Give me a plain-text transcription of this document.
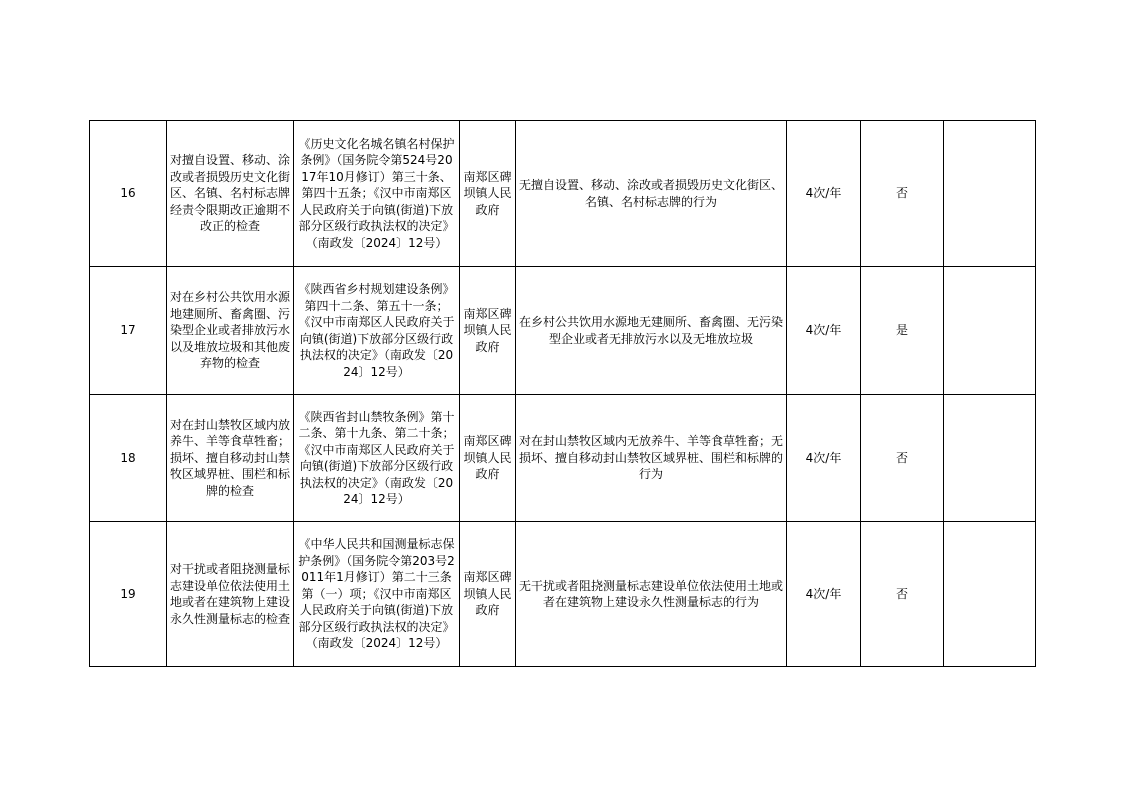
16	对擅自设置、移动、涂改或者损毁历史文化街区、名镇、名村标志牌经责令限期改正逾期不改正的检查	《历史文化名城名镇名村保护条例》（国务院令第524号2017年10月修订）第三十条、第四十五条；《汉中市南郑区人民政府关于向镇(街道)下放部分区级行政执法权的决定》（南政发〔2024〕12号）	南郑区碑坝镇人民政府	无擅自设置、移动、涂改或者损毁历史文化街区、名镇、名村标志牌的行为	4次/年	否	
17	对在乡村公共饮用水源地建厕所、畜禽圈、污染型企业或者排放污水以及堆放垃圾和其他废弃物的检查	《陕西省乡村规划建设条例》第四十二条、第五十一条；《汉中市南郑区人民政府关于向镇(街道)下放部分区级行政执法权的决定》（南政发〔2024〕12号）	南郑区碑坝镇人民政府	在乡村公共饮用水源地无建厕所、畜禽圈、无污染型企业或者无排放污水以及无堆放垃圾	4次/年	是	
18	对在封山禁牧区域内放养牛、羊等食草牲畜；损坏、擅自移动封山禁牧区域界桩、围栏和标牌的检查	《陕西省封山禁牧条例》第十二条、第十九条、第二十条；《汉中市南郑区人民政府关于向镇(街道)下放部分区级行政执法权的决定》（南政发〔2024〕12号）	南郑区碑坝镇人民政府	对在封山禁牧区域内无放养牛、羊等食草牲畜；无损坏、擅自移动封山禁牧区域界桩、围栏和标牌的行为	4次/年	否	
19	对干扰或者阻挠测量标志建设单位依法使用土地或者在建筑物上建设永久性测量标志的检查	《中华人民共和国测量标志保护条例》（国务院令第203号2011年1月修订）第二十三条第（一）项；《汉中市南郑区人民政府关于向镇(街道)下放部分区级行政执法权的决定》（南政发〔2024〕12号）	南郑区碑坝镇人民政府	无干扰或者阻挠测量标志建设单位依法使用土地或者在建筑物上建设永久性测量标志的行为	4次/年	否	
